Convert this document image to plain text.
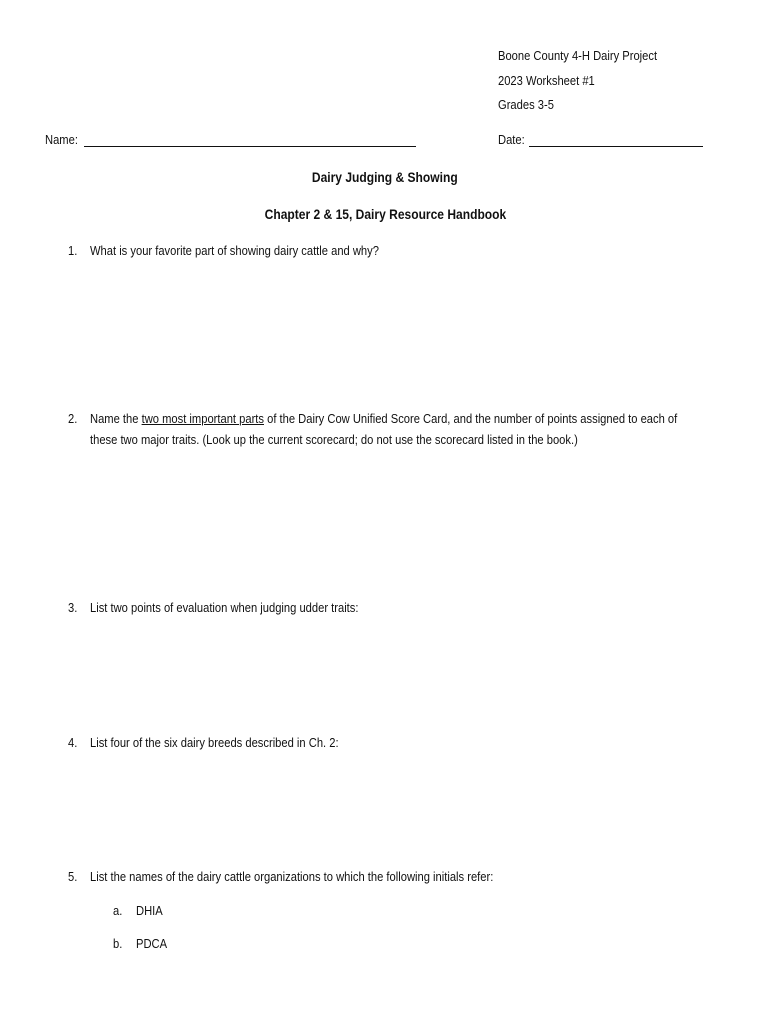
Boone County 4-H Dairy Project
2023 Worksheet #1
Grades 3-5
Name:	Date:
Dairy Judging & Showing
Chapter 2 & 15, Dairy Resource Handbook
1. What is your favorite part of showing dairy cattle and why?
2. Name the two most important parts of the Dairy Cow Unified Score Card, and the number of points assigned to each of
these two major traits. (Look up the current scorecard; do not use the scorecard listed in the book.)
3. List two points of evaluation when judging udder traits:
4. List four of the six dairy breeds described in Ch. 2:
5. List the names of the dairy cattle organizations to which the following initials refer:
a. DHIA
b. PDCA
